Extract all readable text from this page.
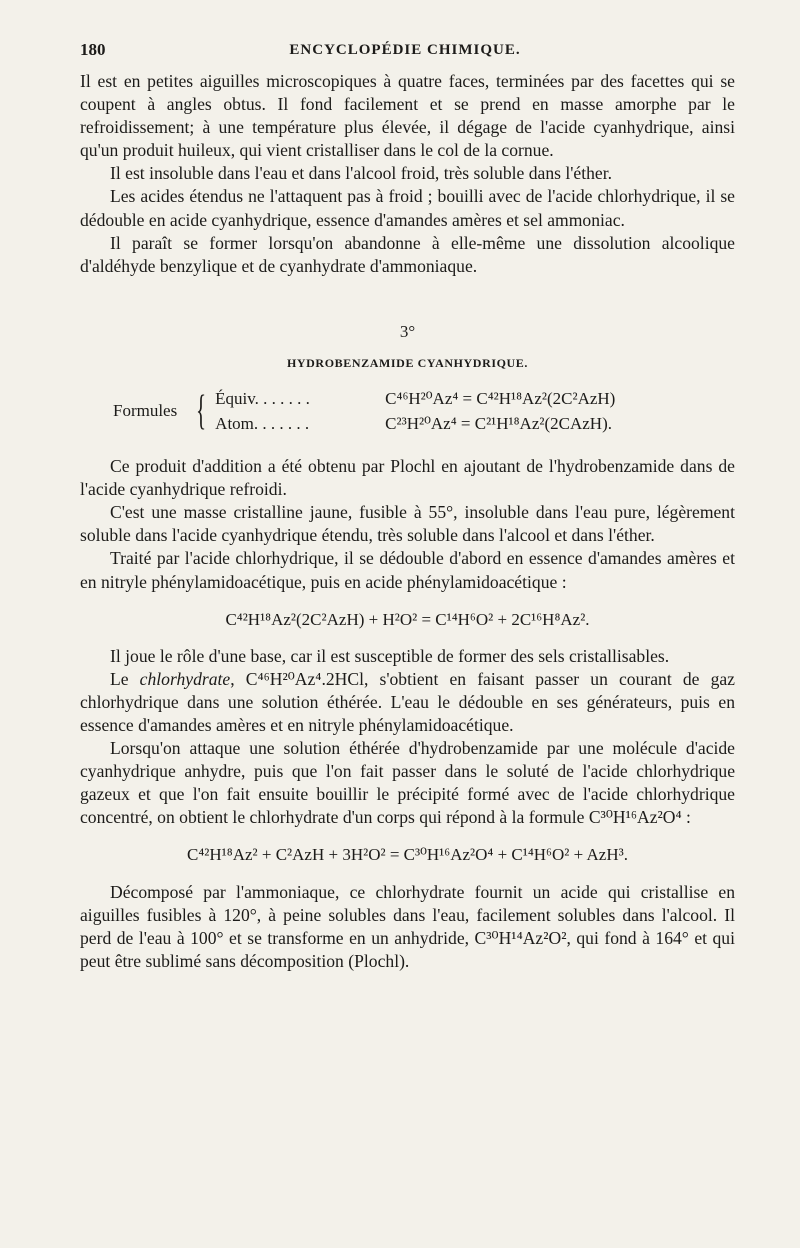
180	ENCYCLOPÉDIE CHIMIQUE.

Il est en petites aiguilles microscopiques à quatre faces, terminées par des facettes qui se coupent à angles obtus. Il fond facilement et se prend en masse amorphe par le refroidissement; à une température plus élevée, il dégage de l'acide cyanhydrique, ainsi qu'un produit huileux, qui vient cristalliser dans le col de la cornue.

Il est insoluble dans l'eau et dans l'alcool froid, très soluble dans l'éther.

Les acides étendus ne l'attaquent pas à froid ; bouilli avec de l'acide chlorhydrique, il se dédouble en acide cyanhydrique, essence d'amandes amères et sel ammoniac.

Il paraît se former lorsqu'on abandonne à elle-même une dissolution alcoolique d'aldéhyde benzylique et de cyanhydrate d'ammoniaque.

3°
HYDROBENZAMIDE CYANHYDRIQUE.
Formules { Équiv. . . . . . .	C⁴⁶H²⁰Az⁴ = C⁴²H¹⁸Az²(2C²AzH)
Atom. . . . . . .	C²³H²⁰Az⁴ = C²¹H¹⁸Az²(2CAzH).

Ce produit d'addition a été obtenu par Plochl en ajoutant de l'hydrobenzamide dans de l'acide cyanhydrique refroidi.

C'est une masse cristalline jaune, fusible à 55°, insoluble dans l'eau pure, légèrement soluble dans l'acide cyanhydrique étendu, très soluble dans l'alcool et dans l'éther.

Traité par l'acide chlorhydrique, il se dédouble d'abord en essence d'amandes amères et en nitryle phénylamidoacétique, puis en acide phénylamidoacétique :

C⁴²H¹⁸Az²(2C²AzH) + H²O² = C¹⁴H⁶O² + 2C¹⁶H⁸Az².

Il joue le rôle d'une base, car il est susceptible de former des sels cristallisables.

Le chlorhydrate, C⁴⁶H²⁰Az⁴.2HCl, s'obtient en faisant passer un courant de gaz chlorhydrique dans une solution éthérée. L'eau le dédouble en ses générateurs, puis en essence d'amandes amères et en nitryle phénylamidoacétique.

Lorsqu'on attaque une solution éthérée d'hydrobenzamide par une molécule d'acide cyanhydrique anhydre, puis que l'on fait passer dans le soluté de l'acide chlorhydrique gazeux et que l'on fait ensuite bouillir le précipité formé avec de l'acide chlorhydrique concentré, on obtient le chlorhydrate d'un corps qui répond à la formule C³⁰H¹⁶Az²O⁴ :

C⁴²H¹⁸Az² + C²AzH + 3H²O² = C³⁰H¹⁶Az²O⁴ + C¹⁴H⁶O² + AzH³.

Décomposé par l'ammoniaque, ce chlorhydrate fournit un acide qui cristallise en aiguilles fusibles à 120°, à peine solubles dans l'eau, facilement solubles dans l'alcool. Il perd de l'eau à 100° et se transforme en un anhydride, C³⁰H¹⁴Az²O², qui fond à 164° et qui peut être sublimé sans décomposition (Plochl).
